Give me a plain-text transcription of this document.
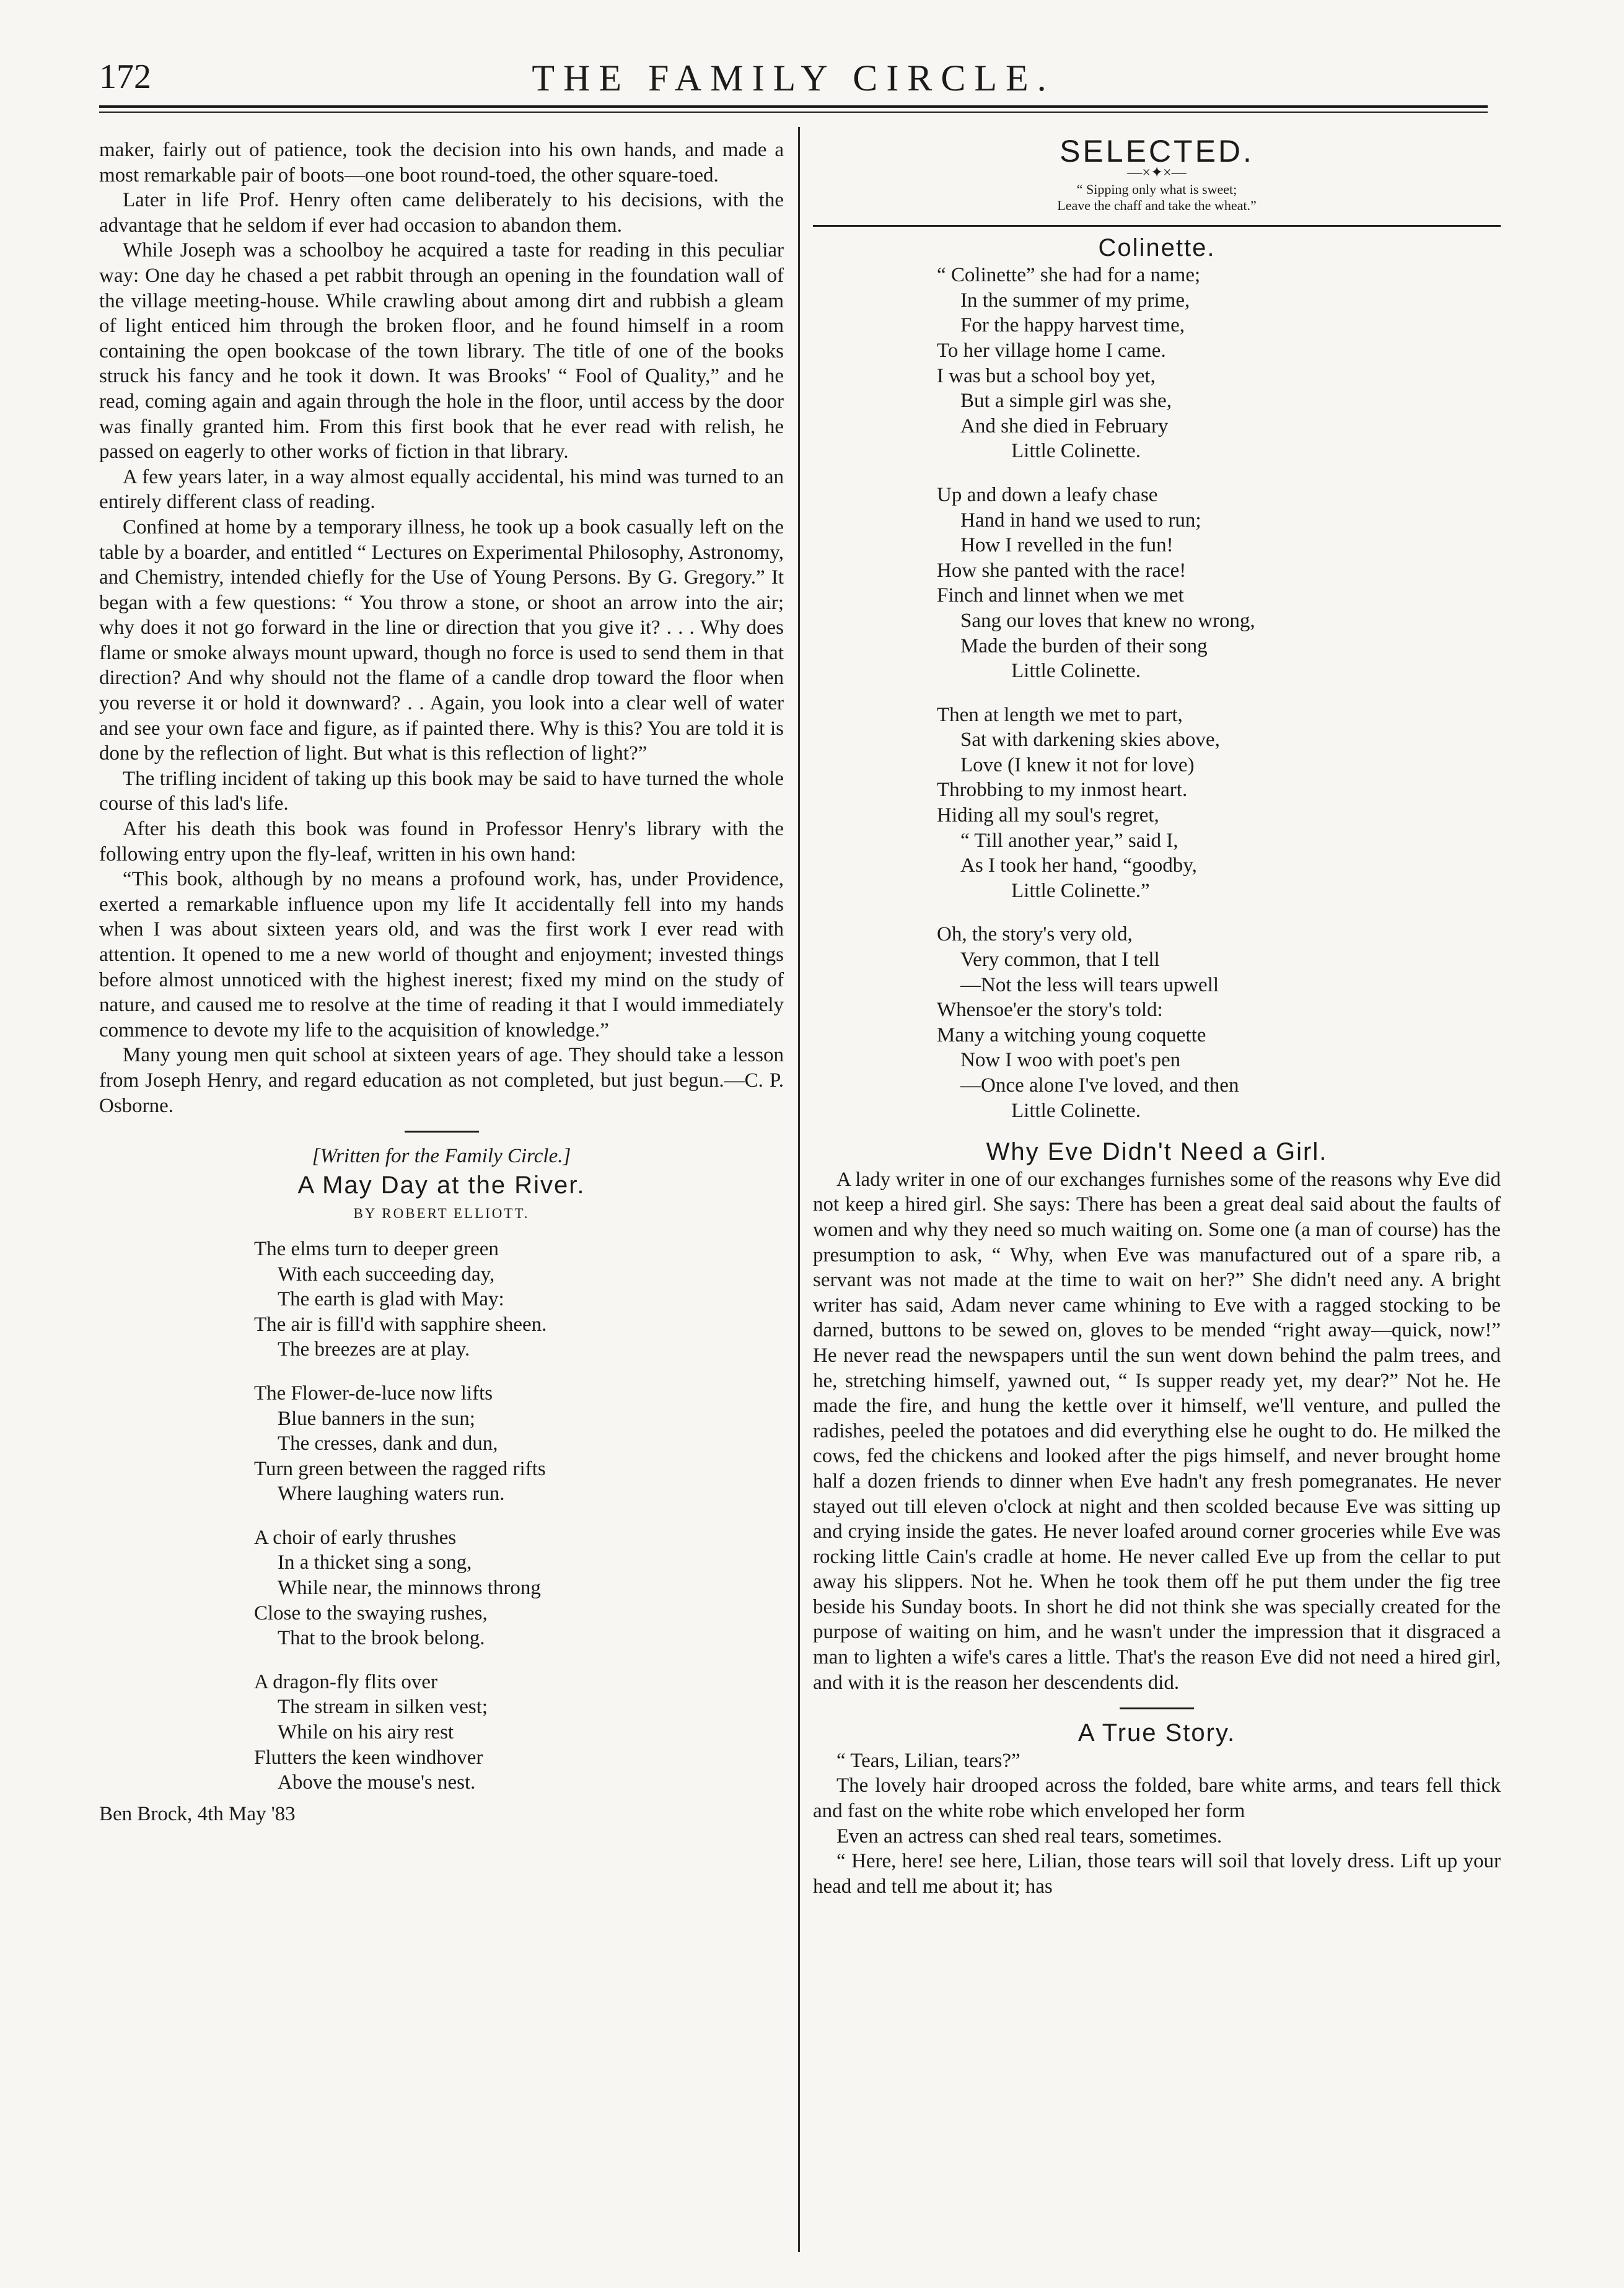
172	THE FAMILY CIRCLE.

maker, fairly out of patience, took the decision into his own hands, and made a most remarkable pair of boots—one boot round-toed, the other square-toed.

Later in life Prof. Henry often came deliberately to his decisions, with the advantage that he seldom if ever had occasion to abandon them.

While Joseph was a schoolboy he acquired a taste for reading in this peculiar way: One day he chased a pet rabbit through an opening in the foundation wall of the village meeting-house. While crawling about among dirt and rubbish a gleam of light enticed him through the broken floor, and he found himself in a room containing the open bookcase of the town library. The title of one of the books struck his fancy and he took it down. It was Brooks' “ Fool of Quality,” and he read, coming again and again through the hole in the floor, until access by the door was finally granted him. From this first book that he ever read with relish, he passed on eagerly to other works of fiction in that library.

A few years later, in a way almost equally accidental, his mind was turned to an entirely different class of reading.

Confined at home by a temporary illness, he took up a book casually left on the table by a boarder, and entitled “ Lectures on Experimental Philosophy, Astronomy, and Chemistry, intended chiefly for the Use of Young Persons. By G. Gregory.” It began with a few questions: “ You throw a stone, or shoot an arrow into the air; why does it not go forward in the line or direction that you give it? . . . Why does flame or smoke always mount upward, though no force is used to send them in that direction? And why should not the flame of a candle drop toward the floor when you reverse it or hold it downward? . . Again, you look into a clear well of water and see your own face and figure, as if painted there. Why is this? You are told it is done by the reflection of light. But what is this reflection of light?”

The trifling incident of taking up this book may be said to have turned the whole course of this lad's life.

After his death this book was found in Professor Henry's library with the following entry upon the fly-leaf, written in his own hand:

“This book, although by no means a profound work, has, under Providence, exerted a remarkable influence upon my life It accidentally fell into my hands when I was about sixteen years old, and was the first work I ever read with attention. It opened to me a new world of thought and enjoyment; invested things before almost unnoticed with the highest inerest; fixed my mind on the study of nature, and caused me to resolve at the time of reading it that I would immediately commence to devote my life to the acquisition of knowledge.”

Many young men quit school at sixteen years of age. They should take a lesson from Joseph Henry, and regard education as not completed, but just begun.—C. P. Osborne.

[Written for the Family Circle.]
A May Day at the River.
BY ROBERT ELLIOTT.
The elms turn to deeper green
With each succeeding day,
The earth is glad with May:
The air is fill'd with sapphire sheen.
The breezes are at play.
The Flower-de-luce now lifts
Blue banners in the sun;
The cresses, dank and dun,
Turn green between the ragged rifts
Where laughing waters run.
A choir of early thrushes
In a thicket sing a song,
While near, the minnows throng
Close to the swaying rushes,
That to the brook belong.
A dragon-fly flits over
The stream in silken vest;
While on his airy rest
Flutters the keen windhover
Above the mouse's nest.
Ben Brock, 4th May '83
SELECTED.
—×✦×—
“ Sipping only what is sweet;
Leave the chaff and take the wheat.”
Colinette.
“ Colinette” she had for a name;
In the summer of my prime,
For the happy harvest time,
To her village home I came.
I was but a school boy yet,
But a simple girl was she,
And she died in February
Little Colinette.
Up and down a leafy chase
Hand in hand we used to run;
How I revelled in the fun!
How she panted with the race!
Finch and linnet when we met
Sang our loves that knew no wrong,
Made the burden of their song
Little Colinette.
Then at length we met to part,
Sat with darkening skies above,
Love (I knew it not for love)
Throbbing to my inmost heart.
Hiding all my soul's regret,
“ Till another year,” said I,
As I took her hand, “goodby,
Little Colinette.”
Oh, the story's very old,
Very common, that I tell
—Not the less will tears upwell
Whensoe'er the story's told:
Many a witching young coquette
Now I woo with poet's pen
—Once alone I've loved, and then
Little Colinette.
Why Eve Didn't Need a Girl.

A lady writer in one of our exchanges furnishes some of the reasons why Eve did not keep a hired girl. She says: There has been a great deal said about the faults of women and why they need so much waiting on. Some one (a man of course) has the presumption to ask, “ Why, when Eve was manufactured out of a spare rib, a servant was not made at the time to wait on her?” She didn't need any. A bright writer has said, Adam never came whining to Eve with a ragged stocking to be darned, buttons to be sewed on, gloves to be mended “right away—quick, now!” He never read the newspapers until the sun went down behind the palm trees, and he, stretching himself, yawned out, “ Is supper ready yet, my dear?” Not he. He made the fire, and hung the kettle over it himself, we'll venture, and pulled the radishes, peeled the potatoes and did everything else he ought to do. He milked the cows, fed the chickens and looked after the pigs himself, and never brought home half a dozen friends to dinner when Eve hadn't any fresh pomegranates. He never stayed out till eleven o'clock at night and then scolded because Eve was sitting up and crying inside the gates. He never loafed around corner groceries while Eve was rocking little Cain's cradle at home. He never called Eve up from the cellar to put away his slippers. Not he. When he took them off he put them under the fig tree beside his Sunday boots. In short he did not think she was specially created for the purpose of waiting on him, and he wasn't under the impression that it disgraced a man to lighten a wife's cares a little. That's the reason Eve did not need a hired girl, and with it is the reason her descendents did.

A True Story.

“ Tears, Lilian, tears?”

The lovely hair drooped across the folded, bare white arms, and tears fell thick and fast on the white robe which enveloped her form

Even an actress can shed real tears, sometimes.

“ Here, here! see here, Lilian, those tears will soil that lovely dress. Lift up your head and tell me about it; has
